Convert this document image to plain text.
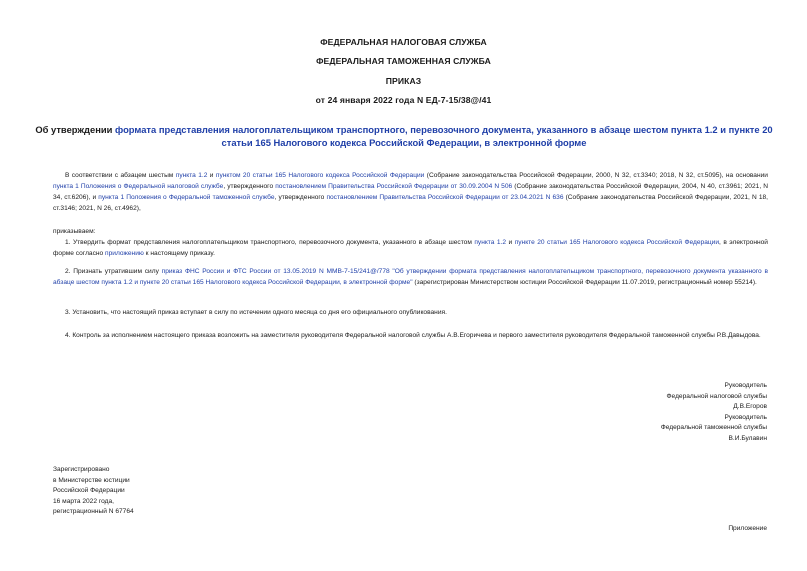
ФЕДЕРАЛЬНАЯ НАЛОГОВАЯ СЛУЖБА
ФЕДЕРАЛЬНАЯ ТАМОЖЕННАЯ СЛУЖБА
ПРИКАЗ
от 24 января 2022 года N ЕД-7-15/38@/41
Об утверждении формата представления налогоплательщиком транспортного, перевозочного документа, указанного в абзаце шестом пункта 1.2 и пункте 20 статьи 165 Налогового кодекса Российской Федерации, в электронной форме
В соответствии с абзацем шестым пункта 1.2 и пунктом 20 статьи 165 Налогового кодекса Российской Федерации (Собрание законодательства Российской Федерации, 2000, N 32, ст.3340; 2018, N 32, ст.5095), на основании пункта 1 Положения о Федеральной налоговой службе, утвержденного постановлением Правительства Российской Федерации от 30.09.2004 N 506 (Собрание законодательства Российской Федерации, 2004, N 40, ст.3961; 2021, N 34, ст.6206), и пункта 1 Положения о Федеральной таможенной службе, утвержденного постановлением Правительства Российской Федерации от 23.04.2021 N 636 (Собрание законодательства Российской Федерации, 2021, N 18, ст.3146; 2021, N 26, ст.4962),
приказываем:
1. Утвердить формат представления налогоплательщиком транспортного, перевозочного документа, указанного в абзаце шестом пункта 1.2 и пункте 20 статьи 165 Налогового кодекса Российской Федерации, в электронной форме согласно приложению к настоящему приказу.
2. Признать утратившим силу приказ ФНС России и ФТС России от 13.05.2019 N ММВ-7-15/241@/778 "Об утверждении формата представления налогоплательщиком транспортного, перевозочного документа указанного в абзаце шестом пункта 1.2 и пункте 20 статьи 165 Налогового кодекса Российской Федерации, в электронной форме" (зарегистрирован Министерством юстиции Российской Федерации 11.07.2019, регистрационный номер 55214).
3. Установить, что настоящий приказ вступает в силу по истечении одного месяца со дня его официального опубликования.
4. Контроль за исполнением настоящего приказа возложить на заместителя руководителя Федеральной налоговой службы А.В.Егоричева и первого заместителя руководителя Федеральной таможенной службы Р.В.Давыдова.
Руководитель
Федеральной налоговой службы
Д.В.Егоров
Руководитель
Федеральной таможенной службы
В.И.Булавин
Зарегистрировано
в Министерстве юстиции
Российской Федерации
16 марта 2022 года,
регистрационный N 67764
Приложение
